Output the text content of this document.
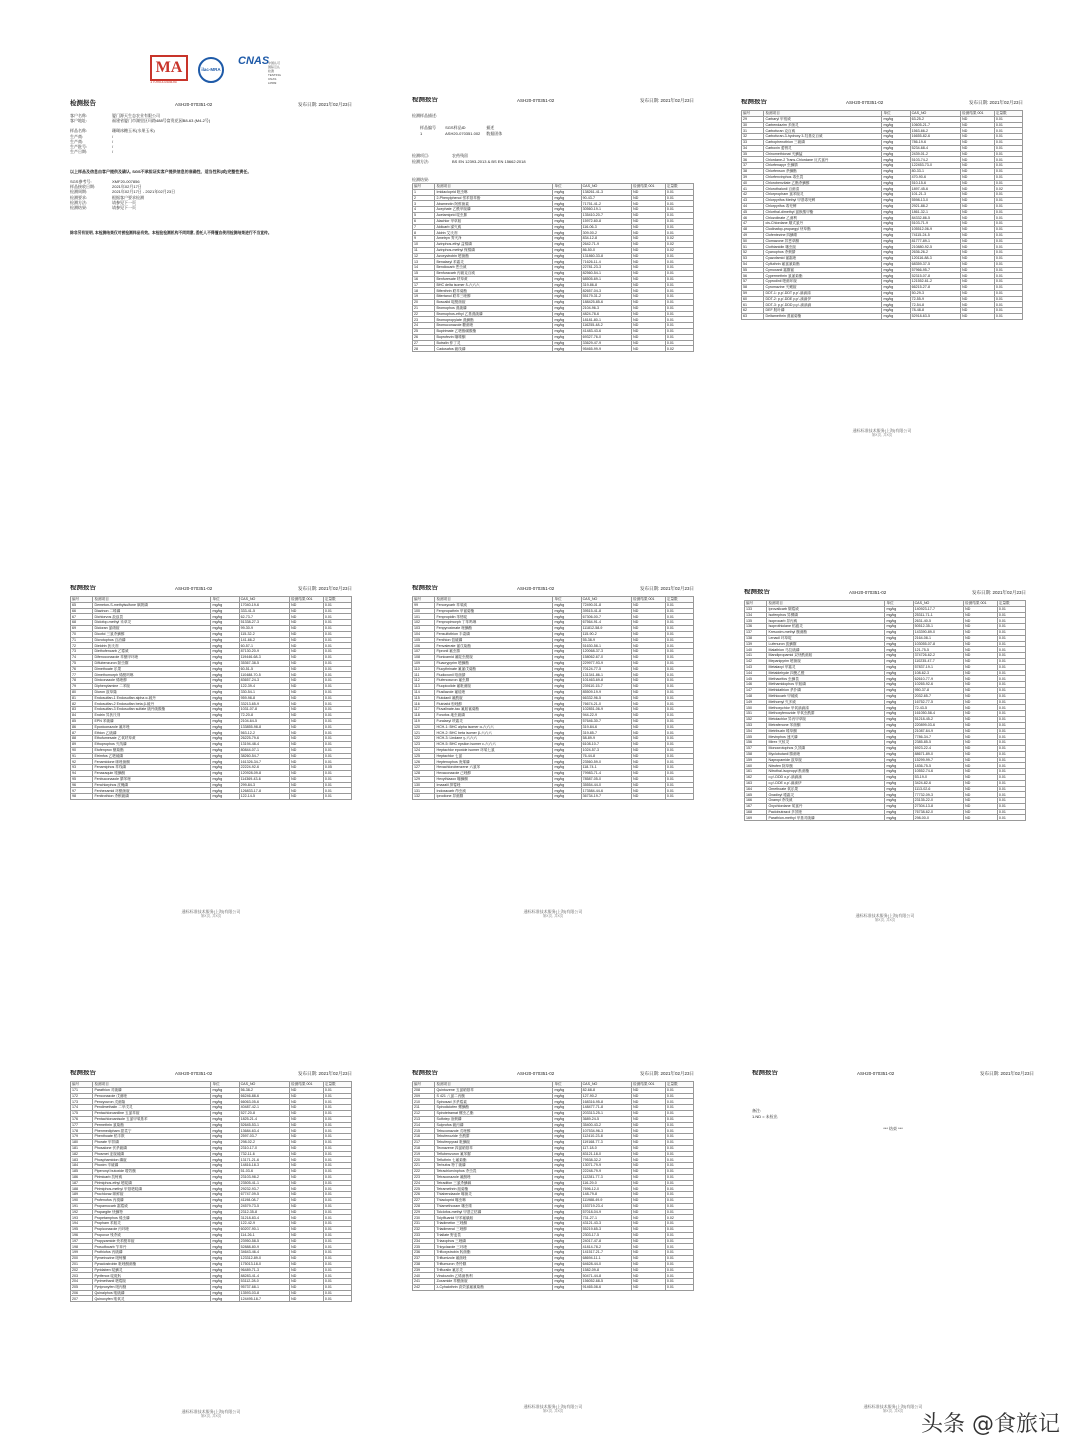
MA
170903340836
ilac-MRA
CNAS
中国认可
国际互认
检测
TESTING
CNAS L0599
检测报告	ASH20-070351-02	发布日期: 2021年02月23日
客户名称:	厦门源天生态农业有限公司
客户地址:	福建省厦门市湖里区玛路488号富贵花园B8-63 (M4-2号)
样品名称:	珊瑚冰糖玉米(水果玉米)
生产商:	/
生产商:	/
生产批号:	/
生产日期:	/
以上样品及信息由客户提供及确认, SGS不承担证实客户提供信息的准确性、适当性和(或)完整性责任。
SGS参考号:	XMF20-007856
样品接收日期:	2021年02月17日
检测周期:	2021年02月17日 - 2021年02月23日
检测要求:	根据客户要求检测
检测方法:	请参见下一页
检测结果:	请参见下一页
除非另有说明, 本检测结果仅对被检测样品有效。本检验检测机构不同同意, 委托人不得擅自使用检测结果进行不当宣传。
检测报告	ASH20-070351-02	发布日期: 2021年02月23日
检测样品描述:
样品编号 SGS样品ID	描述
1	ASH20-070351.002 数据固体
检测项目:	农药残留
检测方法:	BS EN 12393-2013 & BS EN 15662:2018
检测结果:
编号	检测项目	单位	CAS_NO	检测结果 001	定量限
1	Imidacloprid 吡虫啉	mg/kg	138261-41-3	ND	0.01
2	2-Phenylphenol 邻苯基苯酚	mg/kg	90-43-7	ND	0.01
3	Abamectin 阿维菌素	mg/kg	71751-41-2	ND	0.01
4	Acephate 乙酰甲胺磷	mg/kg	30560-19-1	ND	0.01
5	Acetamiprid 啶虫脒	mg/kg	135410-20-7	ND	0.01
6	Alachlor 甲草胺	mg/kg	15972-60-8	ND	0.01
7	Aldicarb 涕灭威	mg/kg	116-06-3	ND	0.01
8	Aldrin 艾氏剂	mg/kg	309-00-2	ND	0.01
9	Ametryn 莠灭净	mg/kg	834-12-8	ND	0.02
10	Azinphos-ethyl 益棉磷	mg/kg	2642-71-9	ND	0.02
11	Azinphos-methyl 保棉磷	mg/kg	86-50-0	ND	0.02
12	Azoxystrobin 嘧菌酯	mg/kg	131860-33-8	ND	0.01
13	Benalaxyl 苯霜灵	mg/kg	71626-11-4	ND	0.01
14	Bendiocarb 恶虫威	mg/kg	22781-23-3	ND	0.01
15	Benfuracarb 丙硫克百威	mg/kg	82560-54-1	ND	0.01
16	Benfuresate 呋草黄	mg/kg	68505-69-1	ND	0.01
17	BHC delta isomer δ-六六六	mg/kg	319-86-8	ND	0.01
18	Bifenthrin 联苯菊酯	mg/kg	82657-04-3	ND	0.01
19	Bitertanol 联苯三唑醇	mg/kg	55179-31-2	ND	0.01
20	Boscalid 啶酰菌胺	mg/kg	188425-85-6	ND	0.01
21	Bromophos 溴硫磷	mg/kg	2104-96-3	ND	0.01
22	Bromophos-ethyl 乙基溴硫磷	mg/kg	4824-78-6	ND	0.01
23	Bromopropylate 溴螨酯	mg/kg	18181-80-1	ND	0.01
24	Bromuconazole 糠菌唑	mg/kg	116255-48-2	ND	0.01
25	Bupirimate 乙嘧酚磺酸酯	mg/kg	41483-43-6	ND	0.01
26	Buprofezin 噻嗪酮	mg/kg	69327-76-0	ND	0.01
27	Butralin 仲丁灵	mg/kg	33629-47-9	ND	0.01
28	Cadusafos 硫线磷	mg/kg	95465-99-9	ND	0.02
检测报告	ASH20-070351-02	发布日期: 2021年02月23日
编号	检测项目	单位	CAS_NO	检测结果 001	定量限
29	Carbaryl 甲萘威	mg/kg	63-25-2	ND	0.01
30	Carbendazim 多菌灵	mg/kg	10605-21-7	ND	0.01
31	Carbofuran 克百威	mg/kg	1563-66-2	ND	0.01
32	Carbofuran-3-hydroxy 3-羟基克百威	mg/kg	16655-82-6	ND	0.01
33	Carbophenothion 三硫磷	mg/kg	786-19-6	ND	0.01
34	Carboxin 萎锈灵	mg/kg	5234-68-4	ND	0.01
35	Chinomethionat 灭螨猛	mg/kg	2439-01-2	ND	0.01
36	Chlordane-2 Trans-Chlordane 反式氯丹	mg/kg	5103-74-2	ND	0.01
37	Chlorfenapyr 虫螨腈	mg/kg	122453-73-0	ND	0.01
38	Chlorfenson 杀螨酯	mg/kg	80-33-1	ND	0.01
39	Chlorfenvinphos 毒虫畏	mg/kg	470-90-6	ND	0.01
40	Chlorobenzilate 乙酯杀螨醇	mg/kg	510-15-6	ND	0.01
41	Chlorothalonil 百菌清	mg/kg	1897-45-6	ND	0.02
42	Chlorpropham 氯苯胺灵	mg/kg	101-21-3	ND	0.01
43	Chlorpyrifos Methyl 甲基毒死蜱	mg/kg	5598-13-0	ND	0.01
44	Chlorpyrifos 毒死蜱	mg/kg	2921-88-2	ND	0.01
45	Chlorthal-dimethyl 氯酞酸甲酯	mg/kg	1861-32-1	ND	0.01
46	Chlozolinate 乙菌利	mg/kg	84332-86-5	ND	0.01
47	cis-Chlordane 顺式氯丹	mg/kg	5103-71-9	ND	0.01
48	Clodinafop-propargyl 炔草酯	mg/kg	105512-06-9	ND	0.01
49	Clofentezine 四螨嗪	mg/kg	74115-24-5	ND	0.01
50	Clomazone 异恶草酮	mg/kg	81777-89-1	ND	0.01
51	Clothianidin 噻虫胺	mg/kg	210880-92-5	ND	0.01
52	Cyanophos 杀螟腈	mg/kg	2636-26-2	ND	0.01
53	Cyazofamid 氰霜唑	mg/kg	120116-88-3	ND	0.01
54	Cyfluthrin 氟氯氰菊酯	mg/kg	68359-37-5	ND	0.01
55	Cymoxanil 霜脲氰	mg/kg	57966-95-7	ND	0.01
56	Cypermethrin 氯氰菊酯	mg/kg	52315-07-8	ND	0.01
57	Cyprodinil 嘧菌环胺	mg/kg	121552-61-2	ND	0.01
58	Cyromazine 灭蝇胺	mg/kg	66215-27-8	ND	0.01
59	DDT-1: p,p'-DDT p,p'-滴滴涕	mg/kg	50-29-3	ND	0.01
60	DDT-2: p,p'-DDE p,p'-滴滴伊	mg/kg	72-55-9	ND	0.01
61	DDT-3: p,p'-DDD p,p'-滴滴滴	mg/kg	72-54-8	ND	0.01
62	DEF 脱叶磷	mg/kg	78-48-8	ND	0.01
63	Deltamethrin 溴氰菊酯	mg/kg	52918-63-5	ND	0.01
通标标准技术服务(上海)有限公司
第X页, 共X页
检测报告	ASH20-070351-02	发布日期: 2021年02月23日
编号	检测项目	单位	CAS_NO	检测结果 001	定量限
65	Demeton-S-methylsulfone 砜吸磷	mg/kg	17040-19-6	ND	0.01
66	Diazinon 二嗪磷	mg/kg	333-41-5	ND	0.01
67	Dichlorvos 敌敌畏	mg/kg	62-73-7	ND	0.01
68	Diclofop-methyl 禾草灵	mg/kg	51338-27-3	ND	0.01
69	Dicloran 氯硝胺	mg/kg	99-30-9	ND	0.01
70	Dicofol 三氯杀螨醇	mg/kg	115-32-2	ND	0.01
71	Dicrotophos 百治磷	mg/kg	141-66-2	ND	0.01
72	Dieldrin 狄氏剂	mg/kg	60-57-1	ND	0.01
73	Diethofencarb 乙霉威	mg/kg	87130-20-9	ND	0.01
74	Difenoconazole 苯醚甲环唑	mg/kg	119446-68-3	ND	0.01
75	Diflubenzuron 除虫脲	mg/kg	35367-38-5	ND	0.01
76	Dimethoate 乐果	mg/kg	60-51-5	ND	0.01
77	Dimethomorph 烯酰吗啉	mg/kg	110488-70-5	ND	0.01
78	Diniconazole 烯唑醇	mg/kg	83657-24-3	ND	0.01
79	Diphenylamine 二苯胺	mg/kg	122-39-4	ND	0.01
80	Diuron 敌草隆	mg/kg	330-54-1	ND	0.01
81	Endosulfan-1 Endosulfan alpha α-硫丹	mg/kg	959-98-8	ND	0.01
82	Endosulfan-2 Endosulfan beta β-硫丹	mg/kg	33213-65-9	ND	0.01
83	Endosulfan-3 Endosulfan sulfate 硫丹硫酸酯	mg/kg	1031-07-8	ND	0.01
84	Endrin 异狄氏剂	mg/kg	72-20-8	ND	0.01
85	EPN 苯硫磷	mg/kg	2104-64-5	ND	0.01
86	Epoxiconazole 氟环唑	mg/kg	133855-98-8	ND	0.01
87	Ethion 乙硫磷	mg/kg	563-12-2	ND	0.01
88	Ethofumesate 乙氧呋草黄	mg/kg	26225-79-6	ND	0.01
89	Ethoprophos 灭线磷	mg/kg	13194-48-4	ND	0.01
90	Etofenprox 醚菊酯	mg/kg	80844-07-1	ND	0.01
91	Etrimfos 乙嘧硫磷	mg/kg	38260-54-7	ND	0.01
92	Fenamidone 咪唑菌酮	mg/kg	161326-34-7	ND	0.01
93	Fenamiphos 苯线磷	mg/kg	22224-92-6	ND	0.05
94	Fenazaquin 喹螨醚	mg/kg	120928-09-8	ND	0.01
95	Fenbuconazole 腈苯唑	mg/kg	114369-43-6	ND	0.01
96	Fenchlorphos 皮蝇磷	mg/kg	299-84-3	ND	0.01
97	Fenhexamid 环酰菌胺	mg/kg	126833-17-8	ND	0.01
98	Fenitrothion 杀螟硫磷	mg/kg	122-14-5	ND	0.01
通标标准技术服务(上海)有限公司
第X页, 共X页
检测报告	ASH20-070351-02	发布日期: 2021年02月23日
编号	检测项目	单位	CAS_NO	检测结果 001	定量限
99	Fenoxycarb 苯氧威	mg/kg	72490-01-8	ND	0.01
100	Fenpropathrin 甲氰菊酯	mg/kg	39515-41-8	ND	0.01
101	Fenpropidin 苯锈啶	mg/kg	67306-00-7	ND	0.01
102	Fenpropimorph 丁苯吗啉	mg/kg	67564-91-4	ND	0.01
103	Fenpyroximate 唑螨酯	mg/kg	111812-58-9	ND	0.01
104	Fensulfothion 丰索磷	mg/kg	115-90-2	ND	0.01
105	Fenthion 倍硫磷	mg/kg	55-38-9	ND	0.01
106	Fenvalerate 氰戊菊酯	mg/kg	51630-58-1	ND	0.01
107	Fipronil 氟虫腈	mg/kg	120068-37-3	ND	0.01
108	Flonicamid 氟啶虫酰胺	mg/kg	158062-67-0	ND	0.01
109	Fluacrypyrim 嘧螨酯	mg/kg	229977-93-9	ND	0.01
110	Flucythrinate 氟氰戊菊酯	mg/kg	70124-77-5	ND	0.01
111	Fludioxonil 咯菌腈	mg/kg	131341-86-1	ND	0.01
112	Flufenoxuron 氟虫脲	mg/kg	101463-69-8	ND	0.01
113	Fluopicolide 氟吡菌胺	mg/kg	239110-15-7	ND	0.01
114	Flusilazole 氟硅唑	mg/kg	85509-19-9	ND	0.01
115	Flutolanil 氟酰胺	mg/kg	66332-96-5	ND	0.01
116	Flutriafol 粉唑醇	mg/kg	76674-21-0	ND	0.01
117	Fluvalinate-tau 氟胺氰菊酯	mg/kg	102851-06-9	ND	0.01
118	Fonofos 地虫硫磷	mg/kg	944-22-9	ND	0.01
119	Furalaxyl 呋霜灵	mg/kg	57646-30-7	ND	0.01
120	HCH-1: BHC alpha isomer α-六六六	mg/kg	319-84-6	ND	0.01
121	HCH-2: BHC beta isomer β-六六六	mg/kg	319-85-7	ND	0.01
122	HCH-3: Lindane γ-六六六	mg/kg	58-89-9	ND	0.01
123	HCH-5: BHC epsilon isomer ε-六六六	mg/kg	6108-10-7	ND	0.01
124	Heptachlor epoxide isomer 环氧七氯	mg/kg	1024-57-3	ND	0.01
125	Heptachlor 七氯	mg/kg	76-44-8	ND	0.01
126	Heptenophos 庚烯磷	mg/kg	23560-59-0	ND	0.01
127	Hexachlorobenzene 六氯苯	mg/kg	118-74-1	ND	0.01
128	Hexaconazole 己唑醇	mg/kg	79983-71-4	ND	0.01
129	Hexythiazox 噻螨酮	mg/kg	78587-05-0	ND	0.01
130	Imazalil 抑霉唑	mg/kg	35554-44-0	ND	0.01
131	Indoxacarb 茚虫威	mg/kg	173584-44-6	ND	0.01
132	Iprodione 异菌脲	mg/kg	36734-19-7	ND	0.01
通标标准技术服务(上海)有限公司
第X页, 共X页
检测报告	ASH20-070351-02	发布日期: 2021年02月23日
编号	检测项目	单位	CAS_NO	检测结果 001	定量限
133	Iprovalicarb 缬霉威	mg/kg	140923-17-7	ND	0.01
134	Isofenphos 异柳磷	mg/kg	25311-71-1	ND	0.01
135	Isoprocarb 异丙威	mg/kg	2631-40-5	ND	0.01
136	Isoprothiolane 稻瘟灵	mg/kg	50512-35-1	ND	0.01
137	Kresoxim-methyl 醚菌酯	mg/kg	143390-89-0	ND	0.01
138	Lenacil 环草啶	mg/kg	2164-08-1	ND	0.01
139	Lufenuron 虱螨脲	mg/kg	103055-07-8	ND	0.01
140	Malathion 马拉硫磷	mg/kg	121-75-5	ND	0.01
141	Mandipropamid 双炔酰菌胺	mg/kg	374726-62-2	ND	0.01
142	Mepanipyrim 嘧菌胺	mg/kg	110235-47-7	ND	0.01
143	Metalaxyl 甲霜灵	mg/kg	57837-19-1	ND	0.01
144	Metaldehyde 四聚乙醛	mg/kg	108-62-3	ND	0.01
145	Methacrifos 虫螨畏	mg/kg	62610-77-9	ND	0.01
146	Methamidophos 甲胺磷	mg/kg	10265-92-6	ND	0.01
147	Methidathion 杀扑磷	mg/kg	950-37-8	ND	0.01
148	Methiocarb 甲硫威	mg/kg	2032-65-7	ND	0.01
149	Methomyl 灭多威	mg/kg	16752-77-5	ND	0.01
150	Methoxychlor 甲氧滴滴涕	mg/kg	72-43-5	ND	0.01
151	Methoxyfenozide 甲氧虫酰肼	mg/kg	161050-58-4	ND	0.01
152	Metolachlor 异丙甲草胺	mg/kg	51218-45-2	ND	0.01
153	Metrafenone 苯菌酮	mg/kg	220899-03-6	ND	0.01
154	Metribuzin 嗪草酮	mg/kg	21087-64-9	ND	0.01
155	Mevinphos 速灭磷	mg/kg	7786-34-7	ND	0.01
156	Mirex 灭蚁灵	mg/kg	2385-85-5	ND	0.01
157	Monocrotophos 久效磷	mg/kg	6923-22-4	ND	0.01
158	Myclobutanil 腈菌唑	mg/kg	88671-89-0	ND	0.01
159	Napropamide 敌草胺	mg/kg	15299-99-7	ND	0.01
160	Nitrofen 除草醚	mg/kg	1836-75-5	ND	0.01
161	Nitrothal-isopropyl 酞菌酯	mg/kg	10552-74-6	ND	0.01
162	o,p'-DDD o,p'-滴滴滴	mg/kg	53-19-0	ND	0.01
163	o,p'-DDE o,p'-滴滴伊	mg/kg	3424-82-6	ND	0.01
164	Omethoate 氧乐果	mg/kg	1113-02-6	ND	0.01
165	Oxadixyl 噁霜灵	mg/kg	77732-09-3	ND	0.01
166	Oxamyl 杀线威	mg/kg	23135-22-0	ND	0.01
167	Oxychlordane 氧氯丹	mg/kg	27304-13-8	ND	0.01
168	Paclobutrazol 多效唑	mg/kg	76738-62-0	ND	0.01
169	Parathion-methyl 甲基对硫磷	mg/kg	298-00-0	ND	0.01
通标标准技术服务(上海)有限公司
第X页, 共X页
检测报告	ASH20-070351-02	发布日期: 2021年02月23日
编号	检测项目	单位	CAS_NO	检测结果 001	定量限
171	Parathion 对硫磷	mg/kg	56-38-2	ND	0.01
172	Penconazole 戊菌唑	mg/kg	66246-88-6	ND	0.01
173	Pencycuron 戊菌隆	mg/kg	66063-05-6	ND	0.01
174	Pendimethalin 二甲戊灵	mg/kg	40487-42-1	ND	0.01
175	Pentachloroaniline 五氯苯胺	mg/kg	527-20-8	ND	0.01
176	Pentachloroanisole 五氯甲氧基苯	mg/kg	1825-21-4	ND	0.01
177	Permethrin 氯菊酯	mg/kg	52645-53-1	ND	0.01
178	Phenmedipham 甜菜宁	mg/kg	13684-63-4	ND	0.01
179	Phenthoate 稻丰散	mg/kg	2597-03-7	ND	0.01
180	Phorate 甲拌磷	mg/kg	298-02-2	ND	0.01
181	Phosalone 伏杀硫磷	mg/kg	2310-17-0	ND	0.01
182	Phosmet 亚胺硫磷	mg/kg	732-11-6	ND	0.01
183	Phosphamidon 磷胺	mg/kg	13171-21-6	ND	0.01
184	Phoxim 辛硫磷	mg/kg	14816-18-3	ND	0.01
185	Piperonyl butoxide 增效醚	mg/kg	51-03-6	ND	0.01
186	Pirimicarb 抗蚜威	mg/kg	23103-98-2	ND	0.01
187	Pirimiphos-ethyl 嘧啶磷	mg/kg	23505-41-1	ND	0.01
188	Pirimiphos-methyl 甲基嘧啶磷	mg/kg	29232-93-7	ND	0.01
189	Prochloraz 咪鲜胺	mg/kg	67747-09-5	ND	0.01
190	Profenofos 丙溴磷	mg/kg	41198-08-7	ND	0.01
191	Propamocarb 霜霉威	mg/kg	24579-73-5	ND	0.01
192	Propargite 炔螨特	mg/kg	2312-35-8	ND	0.01
193	Propetamphos 烯虫磷	mg/kg	31218-83-4	ND	0.01
194	Propham 苯胺灵	mg/kg	122-42-9	ND	0.01
195	Propiconazole 丙环唑	mg/kg	60207-90-1	ND	0.01
196	Propoxur 残杀威	mg/kg	114-26-1	ND	0.01
197	Propyzamide 炔苯酰草胺	mg/kg	23950-58-5	ND	0.01
198	Prosulfocarb 苄草丹	mg/kg	52888-80-9	ND	0.01
199	Prothiofos 丙硫磷	mg/kg	34643-46-4	ND	0.01
200	Pymetrozine 吡蚜酮	mg/kg	123312-89-0	ND	0.01
201	Pyraclostrobin 吡唑醚菌酯	mg/kg	175013-18-0	ND	0.01
202	Pyridaben 哒螨灵	mg/kg	96489-71-3	ND	0.01
203	Pyrifenox 啶斑肟	mg/kg	88283-41-4	ND	0.01
204	Pyrimethanil 嘧霉胺	mg/kg	53112-28-0	ND	0.01
205	Pyriproxyfen 吡丙醚	mg/kg	95737-68-1	ND	0.01
206	Quinalphos 喹硫磷	mg/kg	13593-03-8	ND	0.01
207	Quinoxyfen 喹氧灵	mg/kg	124495-18-7	ND	0.01
通标标准技术服务(上海)有限公司
第X页, 共X页
检测报告	ASH20-070351-02	发布日期: 2021年02月23日
编号	检测项目	单位	CAS_NO	检测结果 001	定量限
208	Quintozene 五氯硝基苯	mg/kg	82-68-8	ND	0.01
209	S 421 八氯二丙醚	mg/kg	127-90-2	ND	0.01
210	Spinosad 多杀霉素	mg/kg	168316-95-8	ND	0.01
211	Spirodiclofen 螺螨酯	mg/kg	148477-71-8	ND	0.01
212	Spirotetramat 螺虫乙酯	mg/kg	203313-25-1	ND	0.01
213	Sulfotep 治螟磷	mg/kg	3689-24-5	ND	0.01
214	Sulprofos 硫丙磷	mg/kg	35400-43-2	ND	0.01
215	Tebuconazole 戊唑醇	mg/kg	107534-96-3	ND	0.01
216	Tebufenozide 虫酰肼	mg/kg	112410-23-8	ND	0.01
217	Tebufenpyrad 吡螨胺	mg/kg	119168-77-3	ND	0.01
218	Tecnazene 四氯硝基苯	mg/kg	117-18-0	ND	0.01
219	Teflubenzuron 氟苯脲	mg/kg	83121-18-0	ND	0.01
220	Tefluthrin 七氟菊酯	mg/kg	79538-32-2	ND	0.01
221	Terbufos 特丁硫磷	mg/kg	13071-79-9	ND	0.01
222	Tetrachlorvinphos 杀虫畏	mg/kg	22248-79-9	ND	0.01
223	Tetraconazole 氟醚唑	mg/kg	112281-77-3	ND	0.01
224	Tetradifon 三氯杀螨砜	mg/kg	116-29-0	ND	0.01
225	Tetramethrin 胺菊酯	mg/kg	7696-12-0	ND	0.01
226	Thiabendazole 噻菌灵	mg/kg	148-79-8	ND	0.01
227	Thiacloprid 噻虫啉	mg/kg	111988-49-9	ND	0.01
228	Thiamethoxam 噻虫嗪	mg/kg	153719-23-4	ND	0.01
229	Tolclofos-methyl 甲基立枯磷	mg/kg	57018-04-9	ND	0.01
230	Tolylfluanid 甲苯氟磺胺	mg/kg	731-27-1	ND	0.02
231	Triadimefon 三唑酮	mg/kg	43121-43-3	ND	0.01
232	Triadimenol 三唑醇	mg/kg	55219-65-3	ND	0.01
233	Triallate 野麦畏	mg/kg	2303-17-5	ND	0.01
234	Triazophos 三唑磷	mg/kg	24017-47-8	ND	0.01
235	Tricyclazole 三环唑	mg/kg	41814-78-2	ND	0.01
236	Trifloxystrobin 肟菌酯	mg/kg	141517-21-7	ND	0.01
237	Triflumizole 氟菌唑	mg/kg	68694-11-1	ND	0.01
238	Triflumuron 杀铃脲	mg/kg	64628-44-0	ND	0.01
239	Trifluralin 氟乐灵	mg/kg	1582-09-8	ND	0.01
240	Vinclozolin 乙烯菌核利	mg/kg	50471-44-8	ND	0.01
241	Zoxamide 苯酰菌胺	mg/kg	156052-68-5	ND	0.01
242	λ-Cyhalothrin 高效氯氟氰菊酯	mg/kg	91465-08-6	ND	0.01
通标标准技术服务(上海)有限公司
第X页, 共X页
检测报告	ASH20-070351-02	发布日期: 2021年02月23日
备注:
1.ND = 未检出
*** 结束 ***
通标标准技术服务(上海)有限公司
第X页, 共X页
头条 @食旅记
